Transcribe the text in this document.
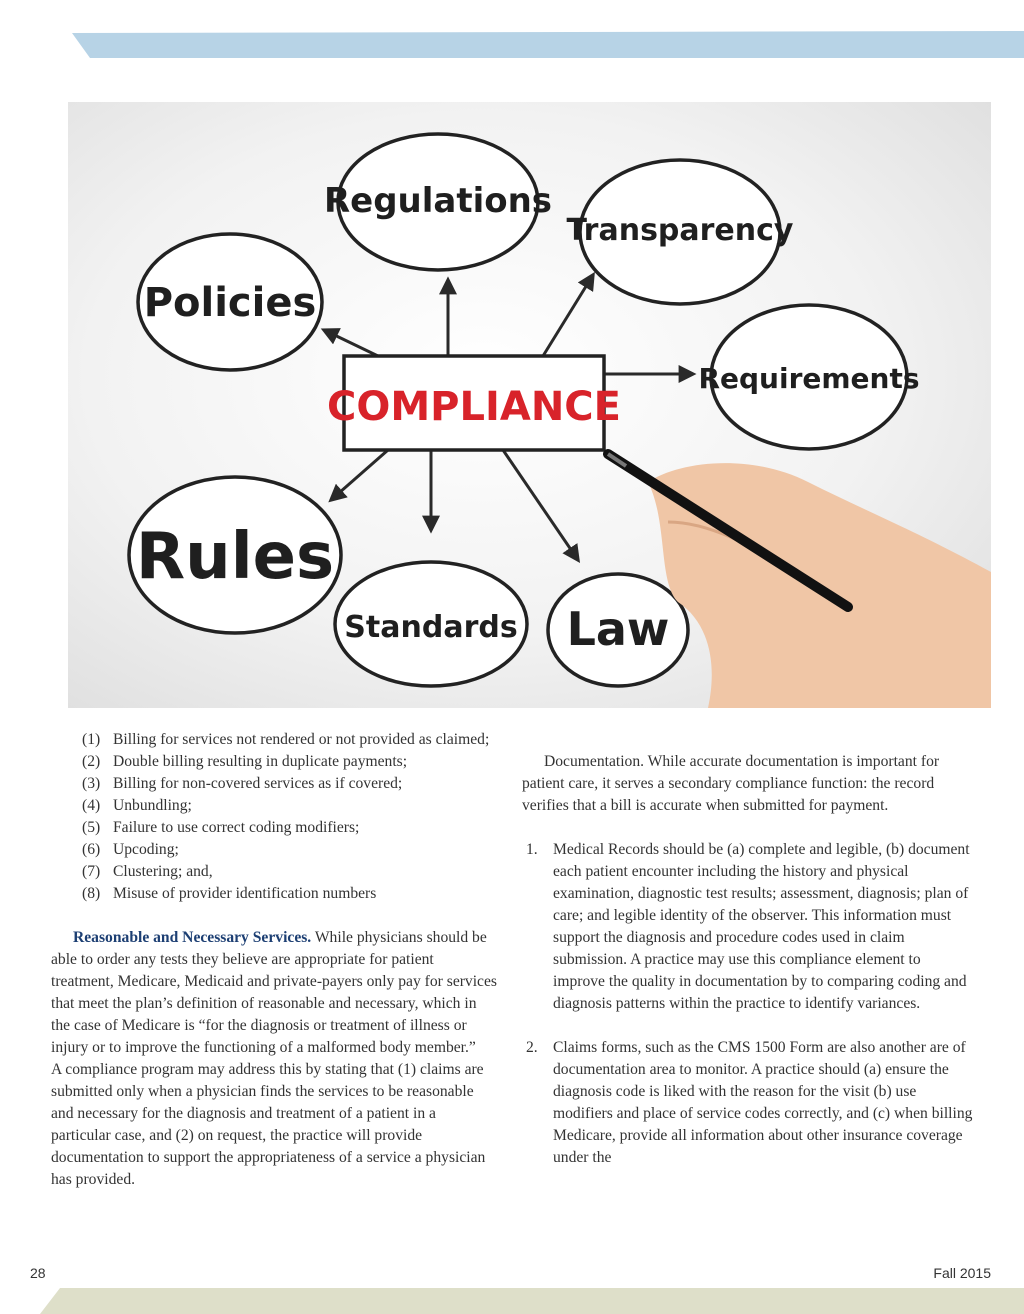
Regulations
Transparency
Policies
Requirements
Rules
Standards Law
COMPLIANCE
(1) Billing for services not rendered or not provided as claimed;
(2) Double billing resulting in duplicate payments;
(3) Billing for non-covered services as if covered;
(4) Unbundling;
(5) Failure to use correct coding modifiers;
(6) Upcoding;
(7) Clustering; and,
(8) Misuse of provider identification numbers

Reasonable and Necessary Services. While physicians should be able to order any tests they believe are appropriate for patient treatment, Medicare, Medicaid and private-payers only pay for services that meet the plan’s definition of reasonable and necessary, which in the case of Medicare is “for the diagnosis or treatment of illness or injury or to improve the functioning of a malformed body member.”

A compliance program may address this by stating that (1) claims are submitted only when a physician finds the services to be reasonable and necessary for the diagnosis and treatment of a patient in a particular case, and (2) on request, the practice will provide documentation to support the appropriateness of a service a physician has provided.

Documentation. While accurate documentation is important for patient care, it serves a secondary compliance function: the record verifies that a bill is accurate when submitted for payment.

1. Medical Records should be (a) complete and legible, (b) document each patient encounter including the history and physical examination, diagnostic test results; assessment, diagnosis; plan of care; and legible identity of the observer. This information must support the diagnosis and procedure codes used in claim submission. A practice may use this compliance element to improve the quality in documentation by to comparing coding and diagnosis patterns within the practice to identify variances.
2. Claims forms, such as the CMS 1500 Form are also another are of documentation area to monitor. A practice should (a) ensure the diagnosis code is liked with the reason for the visit (b) use modifiers and place of service codes correctly, and (c) when billing Medicare, provide all information about other insurance coverage under the
28	Fall 2015
